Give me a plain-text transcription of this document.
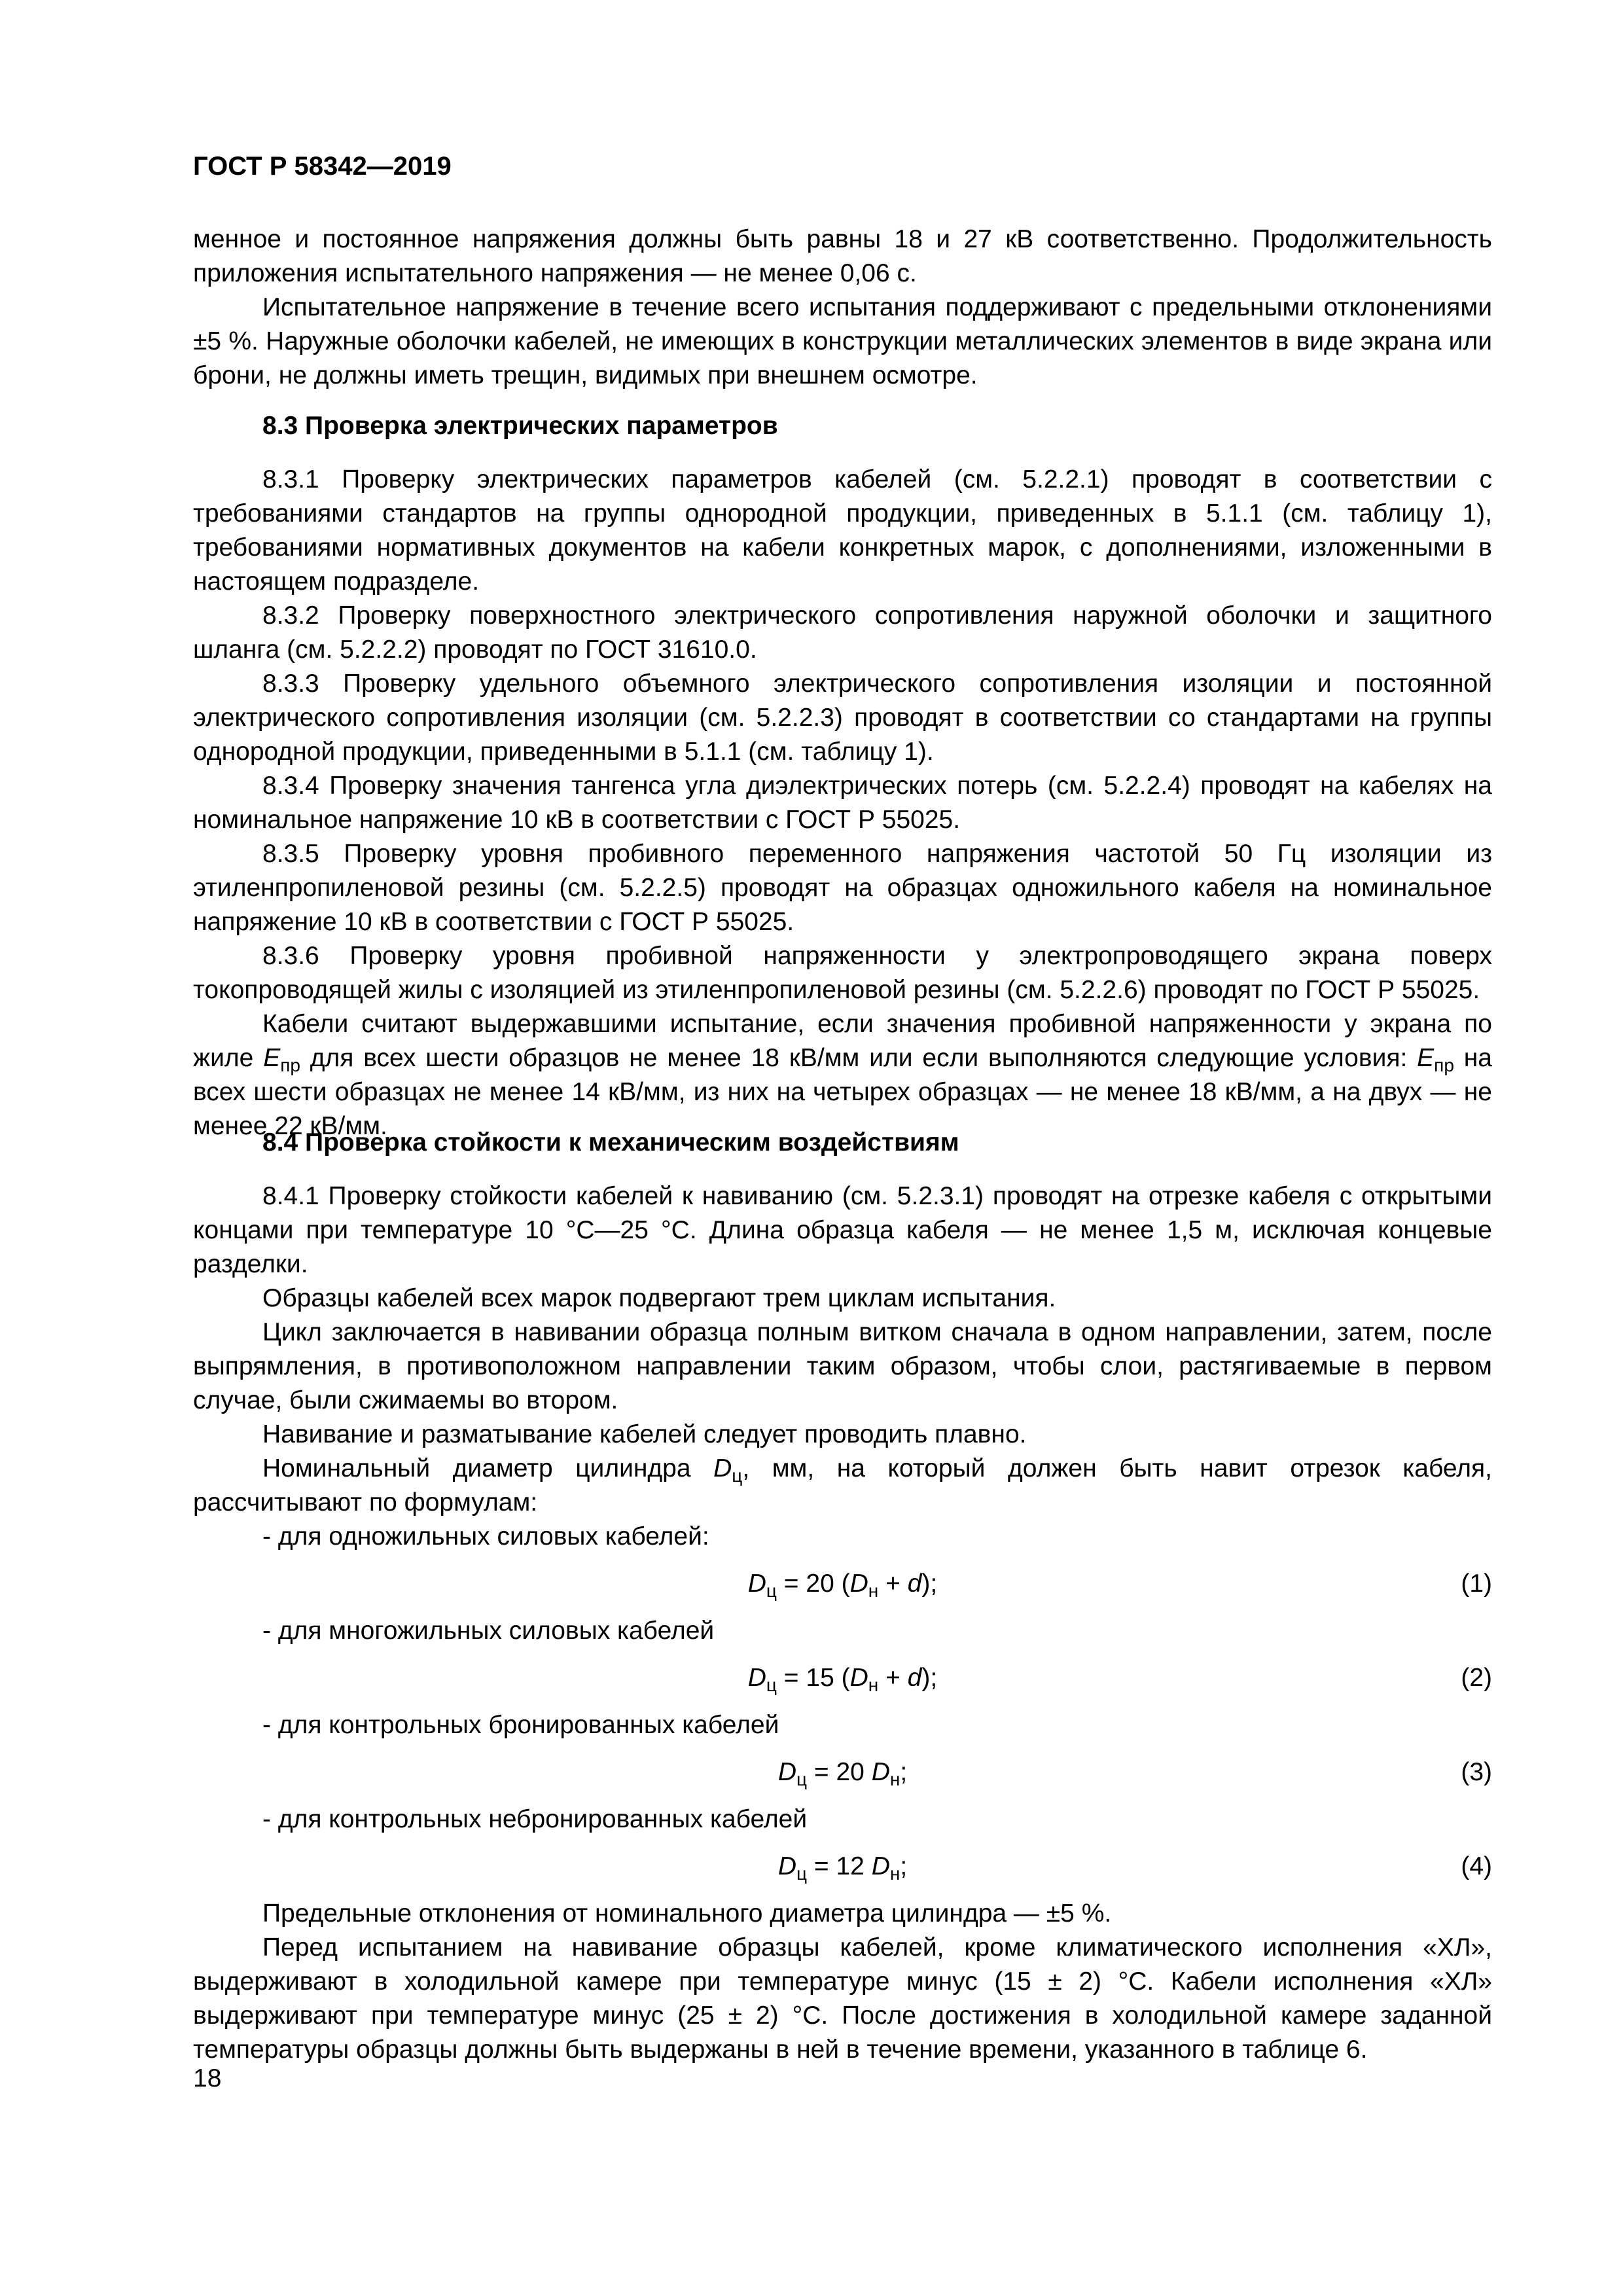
ГОСТ Р 58342—2019

менное и постоянное напряжения должны быть равны 18 и 27 кВ соответственно. Продолжительность приложения испытательного напряжения — не менее 0,06 с.

Испытательное напряжение в течение всего испытания поддерживают с предельными отклонениями ±5 %. Наружные оболочки кабелей, не имеющих в конструкции металлических элементов в виде экрана или брони, не должны иметь трещин, видимых при внешнем осмотре.

8.3 Проверка электрических параметров

8.3.1 Проверку электрических параметров кабелей (см. 5.2.2.1) проводят в соответствии с требованиями стандартов на группы однородной продукции, приведенных в 5.1.1 (см. таблицу 1), требованиями нормативных документов на кабели конкретных марок, с дополнениями, изложенными в настоящем подразделе.

8.3.2 Проверку поверхностного электрического сопротивления наружной оболочки и защитного шланга (см. 5.2.2.2) проводят по ГОСТ 31610.0.

8.3.3 Проверку удельного объемного электрического сопротивления изоляции и постоянной электрического сопротивления изоляции (см. 5.2.2.3) проводят в соответствии со стандартами на группы однородной продукции, приведенными в 5.1.1 (см. таблицу 1).

8.3.4 Проверку значения тангенса угла диэлектрических потерь (см. 5.2.2.4) проводят на кабелях на номинальное напряжение 10 кВ в соответствии с ГОСТ Р 55025.

8.3.5 Проверку уровня пробивного переменного напряжения частотой 50 Гц изоляции из этиленпропиленовой резины (см. 5.2.2.5) проводят на образцах одножильного кабеля на номинальное напряжение 10 кВ в соответствии с ГОСТ Р 55025.

8.3.6 Проверку уровня пробивной напряженности у электропроводящего экрана поверх токопроводящей жилы с изоляцией из этиленпропиленовой резины (см. 5.2.2.6) проводят по ГОСТ Р 55025.

Кабели считают выдержавшими испытание, если значения пробивной напряженности у экрана по жиле $E_{пр}$ для всех шести образцов не менее 18 кВ/мм или если выполняются следующие условия: $E_{пр}$ на всех шести образцах не менее 14 кВ/мм, из них на четырех образцах — не менее 18 кВ/мм, а на двух — не менее 22 кВ/мм.

8.4 Проверка стойкости к механическим воздействиям

8.4.1 Проверку стойкости кабелей к навиванию (см. 5.2.3.1) проводят на отрезке кабеля с открытыми концами при температуре 10 °С—25 °С. Длина образца кабеля — не менее 1,5 м, исключая концевые разделки.

Образцы кабелей всех марок подвергают трем циклам испытания.

Цикл заключается в навивании образца полным витком сначала в одном направлении, затем, после выпрямления, в противоположном направлении таким образом, чтобы слои, растягиваемые в первом случае, были сжимаемы во втором.

Навивание и разматывание кабелей следует проводить плавно.

Номинальный диаметр цилиндра $D_ц$, мм, на который должен быть навит отрезок кабеля, рассчитывают по формулам:

- для одножильных силовых кабелей:
$D_ц = 20$ $(D_н + d)$;	(1)
- для многожильных силовых кабелей
$D_ц = 15$ $(D_н + d)$;	(2)
- для контрольных бронированных кабелей
$D_ц = 20$ $D_н$;	(3)
- для контрольных небронированных кабелей
$D_ц = 12$ $D_н$;	(4)

Предельные отклонения от номинального диаметра цилиндра — ±5 %.

Перед испытанием на навивание образцы кабелей, кроме климатического исполнения «ХЛ», выдерживают в холодильной камере при температуре минус (15 ± 2) °С. Кабели исполнения «ХЛ» выдерживают при температуре минус (25 ± 2) °С. После достижения в холодильной камере заданной температуры образцы должны быть выдержаны в ней в течение времени, указанного в таблице 6.

18
